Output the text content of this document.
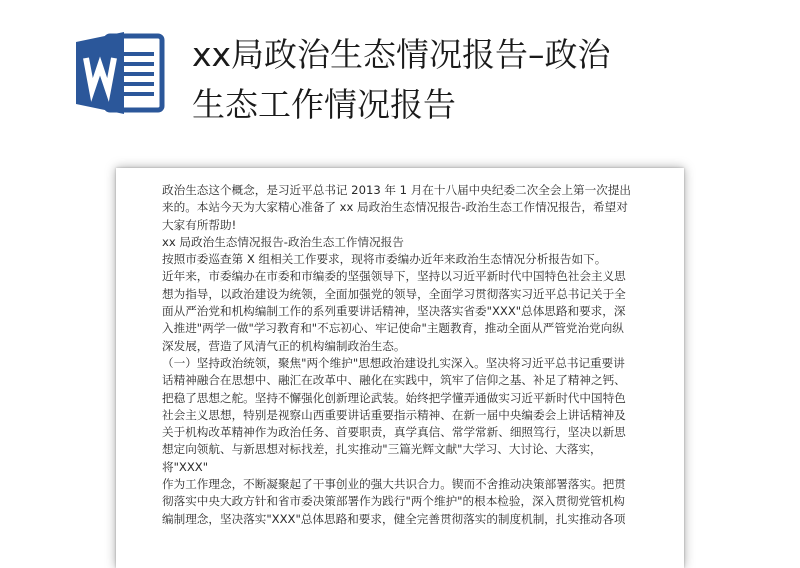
xx局政治生态情况报告–政治
生态工作情况报告

政治生态这个概念，是习近平总书记 2013 年 1 月在十八届中央纪委二次全会上第一次提出

来的。本站今天为大家精心准备了 xx 局政治生态情况报告-政治生态工作情况报告，希望对

大家有所帮助!

xx 局政治生态情况报告-政治生态工作情况报告

按照市委巡查第 X 组相关工作要求，现将市委编办近年来政治生态情况分析报告如下。

近年来，市委编办在市委和市编委的坚强领导下，坚持以习近平新时代中国特色社会主义思

想为指导，以政治建设为统领，全面加强党的领导，全面学习贯彻落实习近平总书记关于全

面从严治党和机构编制工作的系列重要讲话精神，坚决落实省委"XXX"总体思路和要求，深

入推进"两学一做"学习教育和"不忘初心、牢记使命"主题教育，推动全面从严管党治党向纵

深发展，营造了风清气正的机构编制政治生态。

（一）坚持政治统领，聚焦"两个维护"思想政治建设扎实深入。坚决将习近平总书记重要讲

话精神融合在思想中、融汇在改革中、融化在实践中，筑牢了信仰之基、补足了精神之钙、

把稳了思想之舵。坚持不懈强化创新理论武装。始终把学懂弄通做实习近平新时代中国特色

社会主义思想，特别是视察山西重要讲话重要指示精神、在新一届中央编委会上讲话精神及

关于机构改革精神作为政治任务、首要职责，真学真信、常学常新、细照笃行，坚决以新思

想定向领航、与新思想对标找差，扎实推动"三篇光辉文献"大学习、大讨论、大落实，将"XXX"

作为工作理念，不断凝聚起了干事创业的强大共识合力。锲而不舍推动决策部署落实。把贯

彻落实中央大政方针和省市委决策部署作为践行"两个维护"的根本检验，深入贯彻党管机构

编制理念，坚决落实"XXX"总体思路和要求，健全完善贯彻落实的制度机制，扎实推动各项
